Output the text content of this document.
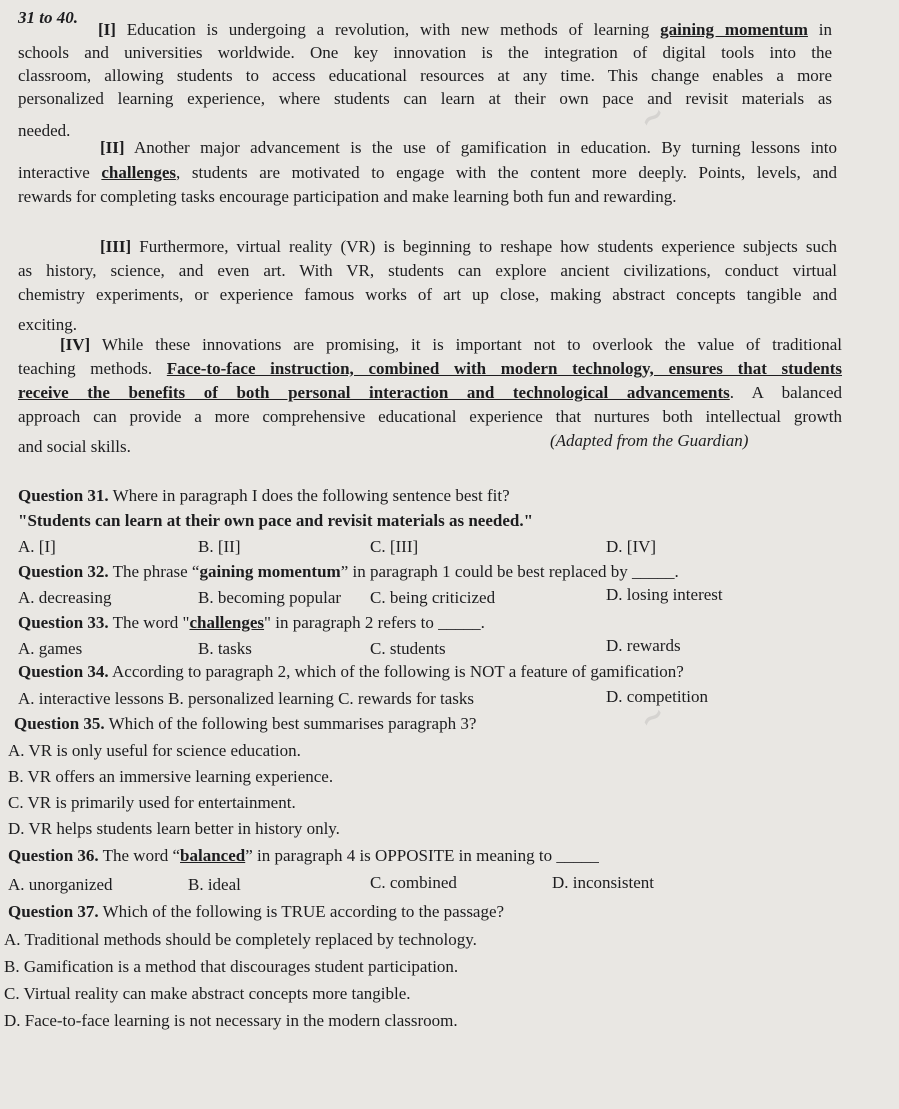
31 to 40.
[I] Education is undergoing a revolution, with new methods of learning gaining momentum in
schools and universities worldwide. One key innovation is the integration of digital tools into the
classroom, allowing students to access educational resources at any time. This change enables a more
personalized learning experience, where students can learn at their own pace and revisit materials as
needed.
[II] Another major advancement is the use of gamification in education. By turning lessons into
interactive challenges, students are motivated to engage with the content more deeply. Points, levels, and
rewards for completing tasks encourage participation and make learning both fun and rewarding.
[III] Furthermore, virtual reality (VR) is beginning to reshape how students experience subjects such
as history, science, and even art. With VR, students can explore ancient civilizations, conduct virtual
chemistry experiments, or experience famous works of art up close, making abstract concepts tangible and
exciting.
[IV] While these innovations are promising, it is important not to overlook the value of traditional
teaching methods. Face-to-face instruction, combined with modern technology, ensures that students
receive the benefits of both personal interaction and technological advancements. A balanced
approach can provide a more comprehensive educational experience that nurtures both intellectual growth
and social skills.	(Adapted from the Guardian)
Question 31. Where in paragraph I does the following sentence best fit?
"Students can learn at their own pace and revisit materials as needed."
A. [I]	B. [II]	C. [III]	D. [IV]
Question 32. The phrase “gaining momentum” in paragraph 1 could be best replaced by _____.
A. decreasing	B. becoming popular C. being criticized	D. losing interest
Question 33. The word "challenges" in paragraph 2 refers to _____.
A. games	B. tasks	C. students	D. rewards
Question 34. According to paragraph 2, which of the following is NOT a feature of gamification?
A. interactive lessons B. personalized learning C. rewards for tasks	D. competition
Question 35. Which of the following best summarises paragraph 3?
A. VR is only useful for science education.
B. VR offers an immersive learning experience.
C. VR is primarily used for entertainment.
D. VR helps students learn better in history only.
Question 36. The word “balanced” in paragraph 4 is OPPOSITE in meaning to _____
A. unorganized	B. ideal	C. combined	D. inconsistent
Question 37. Which of the following is TRUE according to the passage?
A. Traditional methods should be completely replaced by technology.
B. Gamification is a method that discourages student participation.
C. Virtual reality can make abstract concepts more tangible.
D. Face-to-face learning is not necessary in the modern classroom.
~
~
